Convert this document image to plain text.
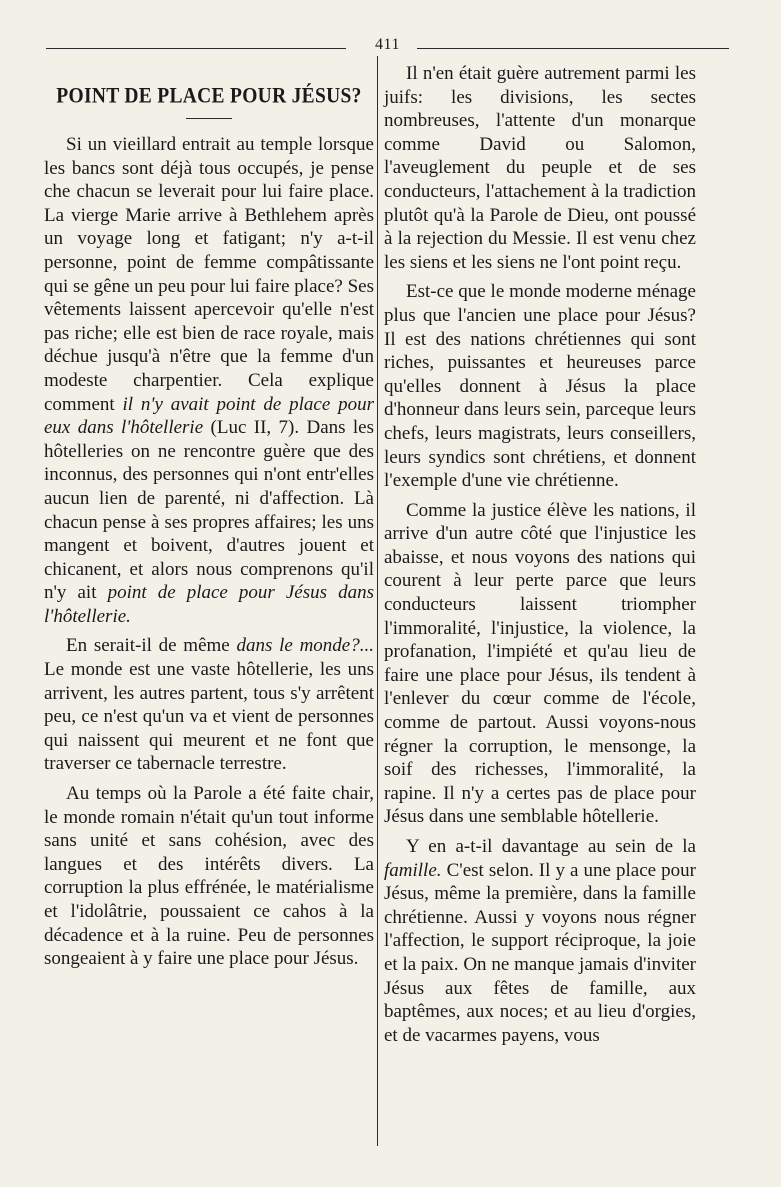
411
POINT DE PLACE POUR JÉSUS?

Si un vieillard entrait au temple lorsque les bancs sont déjà tous occupés, je pense che chacun se leverait pour lui faire place. La vierge Marie arrive à Bethlehem après un voyage long et fatigant; n'y a-t-il personne, point de femme compâtissante qui se gêne un peu pour lui faire place? Ses vêtements laissent apercevoir qu'elle n'est pas riche; elle est bien de race royale, mais déchue jusqu'à n'être que la femme d'un modeste charpentier. Cela explique comment il n'y avait point de place pour eux dans l'hôtellerie (Luc II, 7). Dans les hôtelleries on ne rencontre guère que des inconnus, des personnes qui n'ont entr'elles aucun lien de parenté, ni d'affection. Là chacun pense à ses propres affaires; les uns mangent et boivent, d'autres jouent et chicanent, et alors nous comprenons qu'il n'y ait point de place pour Jésus dans l'hôtellerie.

En serait-il de même dans le monde?... Le monde est une vaste hôtellerie, les uns arrivent, les autres partent, tous s'y arrêtent peu, ce n'est qu'un va et vient de personnes qui naissent qui meurent et ne font que traverser ce tabernacle terrestre.

Au temps où la Parole a été faite chair, le monde romain n'était qu'un tout informe sans unité et sans cohésion, avec des langues et des intérêts divers. La corruption la plus effrénée, le matérialisme et l'idolâtrie, poussaient ce cahos à la décadence et à la ruine. Peu de personnes songeaient à y faire une place pour Jésus.

Il n'en était guère autrement parmi les juifs: les divisions, les sectes nombreuses, l'attente d'un monarque comme David ou Salomon, l'aveuglement du peuple et de ses conducteurs, l'attachement à la tradiction plutôt qu'à la Parole de Dieu, ont poussé à la rejection du Messie. Il est venu chez les siens et les siens ne l'ont point reçu.

Est-ce que le monde moderne ménage plus que l'ancien une place pour Jésus? Il est des nations chrétiennes qui sont riches, puissantes et heureuses parce qu'elles donnent à Jésus la place d'honneur dans leurs sein, parceque leurs chefs, leurs magistrats, leurs conseillers, leurs syndics sont chrétiens, et donnent l'exemple d'une vie chrétienne.

Comme la justice élève les nations, il arrive d'un autre côté que l'injustice les abaisse, et nous voyons des nations qui courent à leur perte parce que leurs conducteurs laissent triompher l'immoralité, l'injustice, la violence, la profanation, l'impiété et qu'au lieu de faire une place pour Jésus, ils tendent à l'enlever du cœur comme de l'école, comme de partout. Aussi voyons-nous régner la corruption, le mensonge, la soif des richesses, l'immoralité, la rapine. Il n'y a certes pas de place pour Jésus dans une semblable hôtellerie.

Y en a-t-il davantage au sein de la famille. C'est selon. Il y a une place pour Jésus, même la première, dans la famille chrétienne. Aussi y voyons nous régner l'affection, le support réciproque, la joie et la paix. On ne manque jamais d'inviter Jésus aux fêtes de famille, aux baptêmes, aux noces; et au lieu d'orgies, et de vacarmes payens, vous
